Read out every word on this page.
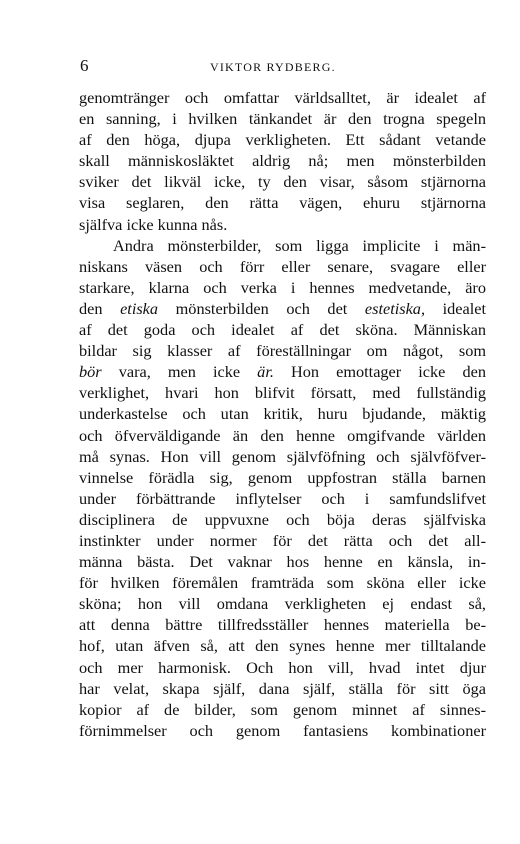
6	VIKTOR RYDBERG.
genomtränger och omfattar världsalltet, är idealet af
en sanning, i hvilken tänkandet är den trogna spegeln
af den höga, djupa verkligheten. Ett sådant vetande
skall människosläktet aldrig nå; men mönsterbilden
sviker det likväl icke, ty den visar, såsom stjärnorna
visa seglaren, den rätta vägen, ehuru stjärnorna
själfva icke kunna nås.
Andra mönsterbilder, som ligga implicite i män-
niskans väsen och förr eller senare, svagare eller
starkare, klarna och verka i hennes medvetande, äro
den etiska mönsterbilden och det estetiska, idealet
af det goda och idealet af det sköna. Människan
bildar sig klasser af föreställningar om något, som
bör vara, men icke är. Hon emottager icke den
verklighet, hvari hon blifvit försatt, med fullständig
underkastelse och utan kritik, huru bjudande, mäktig
och öfverväldigande än den henne omgifvande världen
må synas. Hon vill genom självföfning och självföfver-
vinnelse förädla sig, genom uppfostran ställa barnen
under förbättrande inflytelser och i samfundslifvet
disciplinera de uppvuxne och böja deras själfviska
instinkter under normer för det rätta och det all-
männa bästa. Det vaknar hos henne en känsla, in-
för hvilken föremålen framträda som sköna eller icke
sköna; hon vill omdana verkligheten ej endast så,
att denna bättre tillfredsställer hennes materiella be-
hof, utan äfven så, att den synes henne mer tilltalande
och mer harmonisk. Och hon vill, hvad intet djur
har velat, skapa själf, dana själf, ställa för sitt öga
kopior af de bilder, som genom minnet af sinnes-
förnimmelser och genom fantasiens kombinationer
